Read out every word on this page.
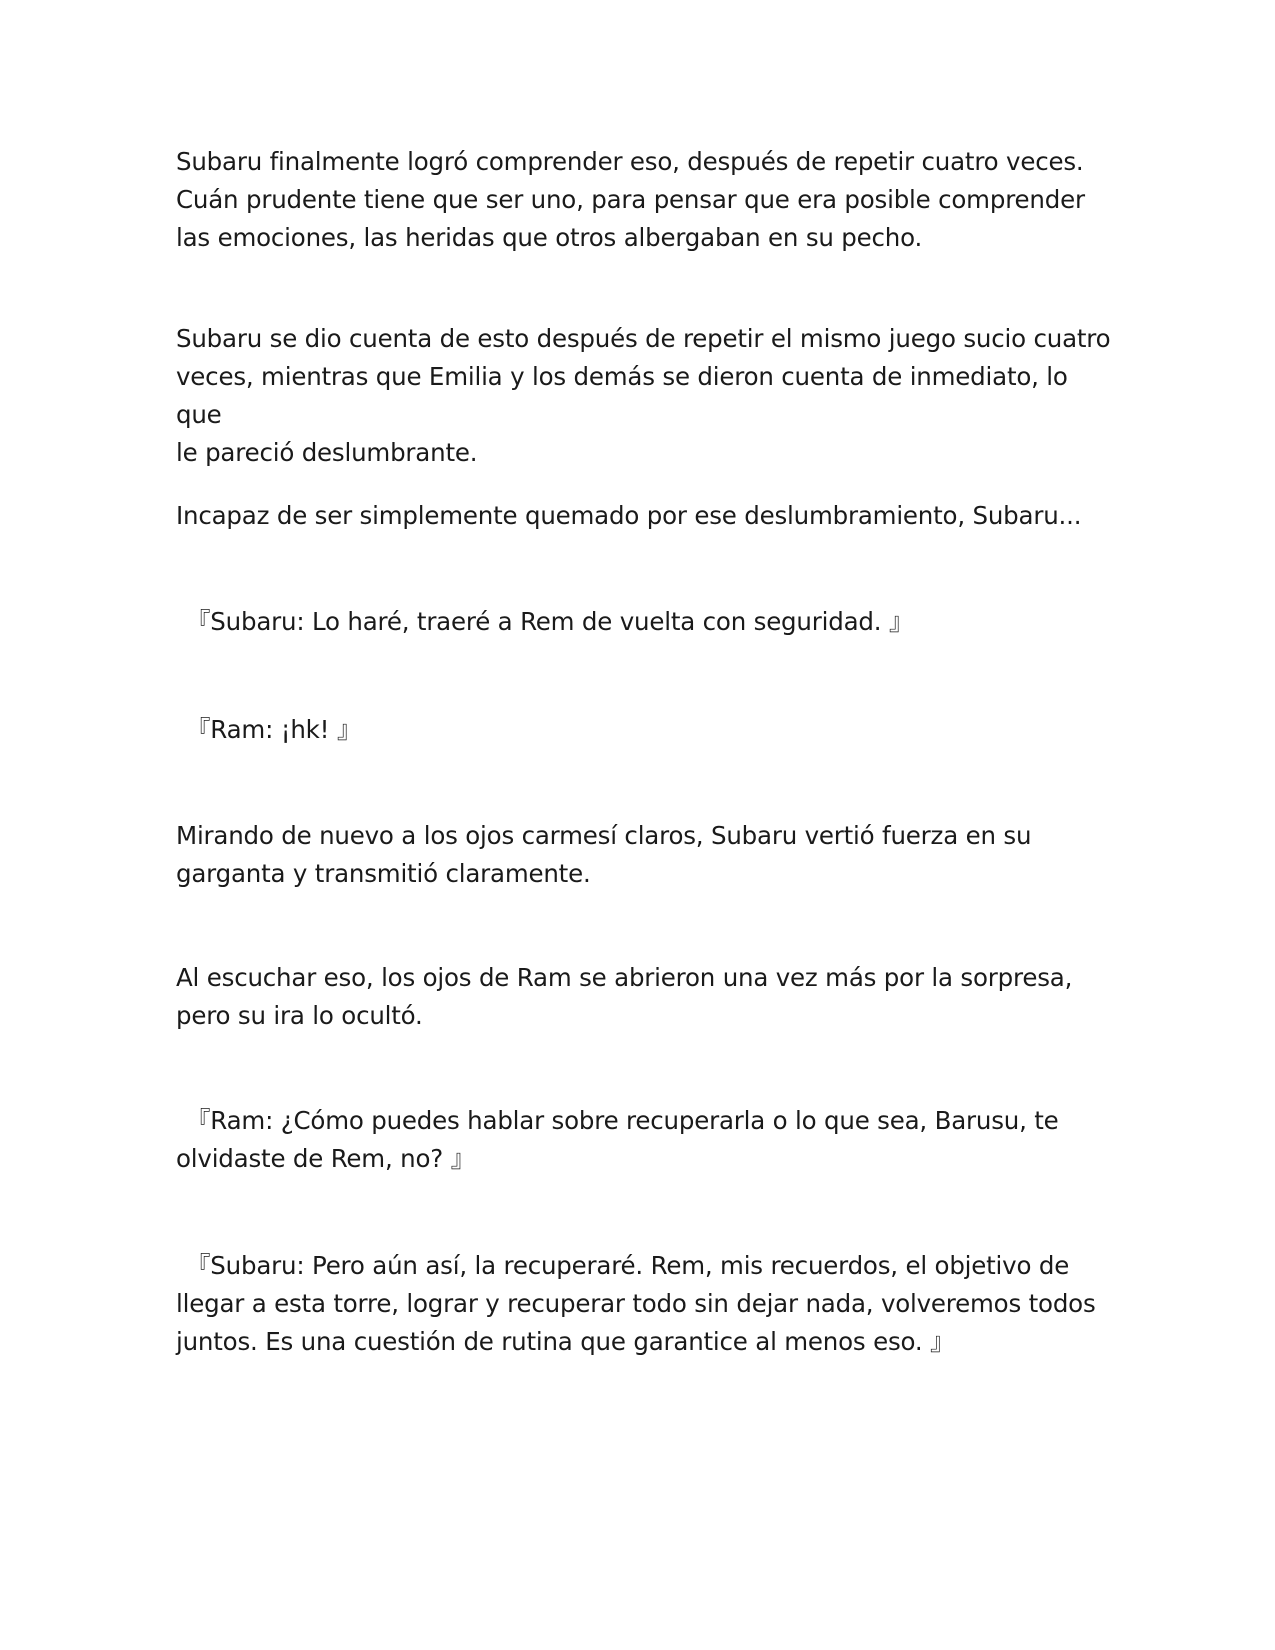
Subaru finalmente logró comprender eso, después de repetir cuatro veces.
Cuán prudente tiene que ser uno, para pensar que era posible comprender
las emociones, las heridas que otros albergaban en su pecho.

Subaru se dio cuenta de esto después de repetir el mismo juego sucio cuatro
veces, mientras que Emilia y los demás se dieron cuenta de inmediato, lo que
le pareció deslumbrante.

Incapaz de ser simplemente quemado por ese deslumbramiento, Subaru...

『Subaru: Lo haré, traeré a Rem de vuelta con seguridad. 』

『Ram: ¡hk! 』

Mirando de nuevo a los ojos carmesí claros, Subaru vertió fuerza en su
garganta y transmitió claramente.

Al escuchar eso, los ojos de Ram se abrieron una vez más por la sorpresa,
pero su ira lo ocultó.

『Ram: ¿Cómo puedes hablar sobre recuperarla o lo que sea, Barusu, te
olvidaste de Rem, no? 』

『Subaru: Pero aún así, la recuperaré. Rem, mis recuerdos, el objetivo de
llegar a esta torre, lograr y recuperar todo sin dejar nada, volveremos todos
juntos. Es una cuestión de rutina que garantice al menos eso. 』
